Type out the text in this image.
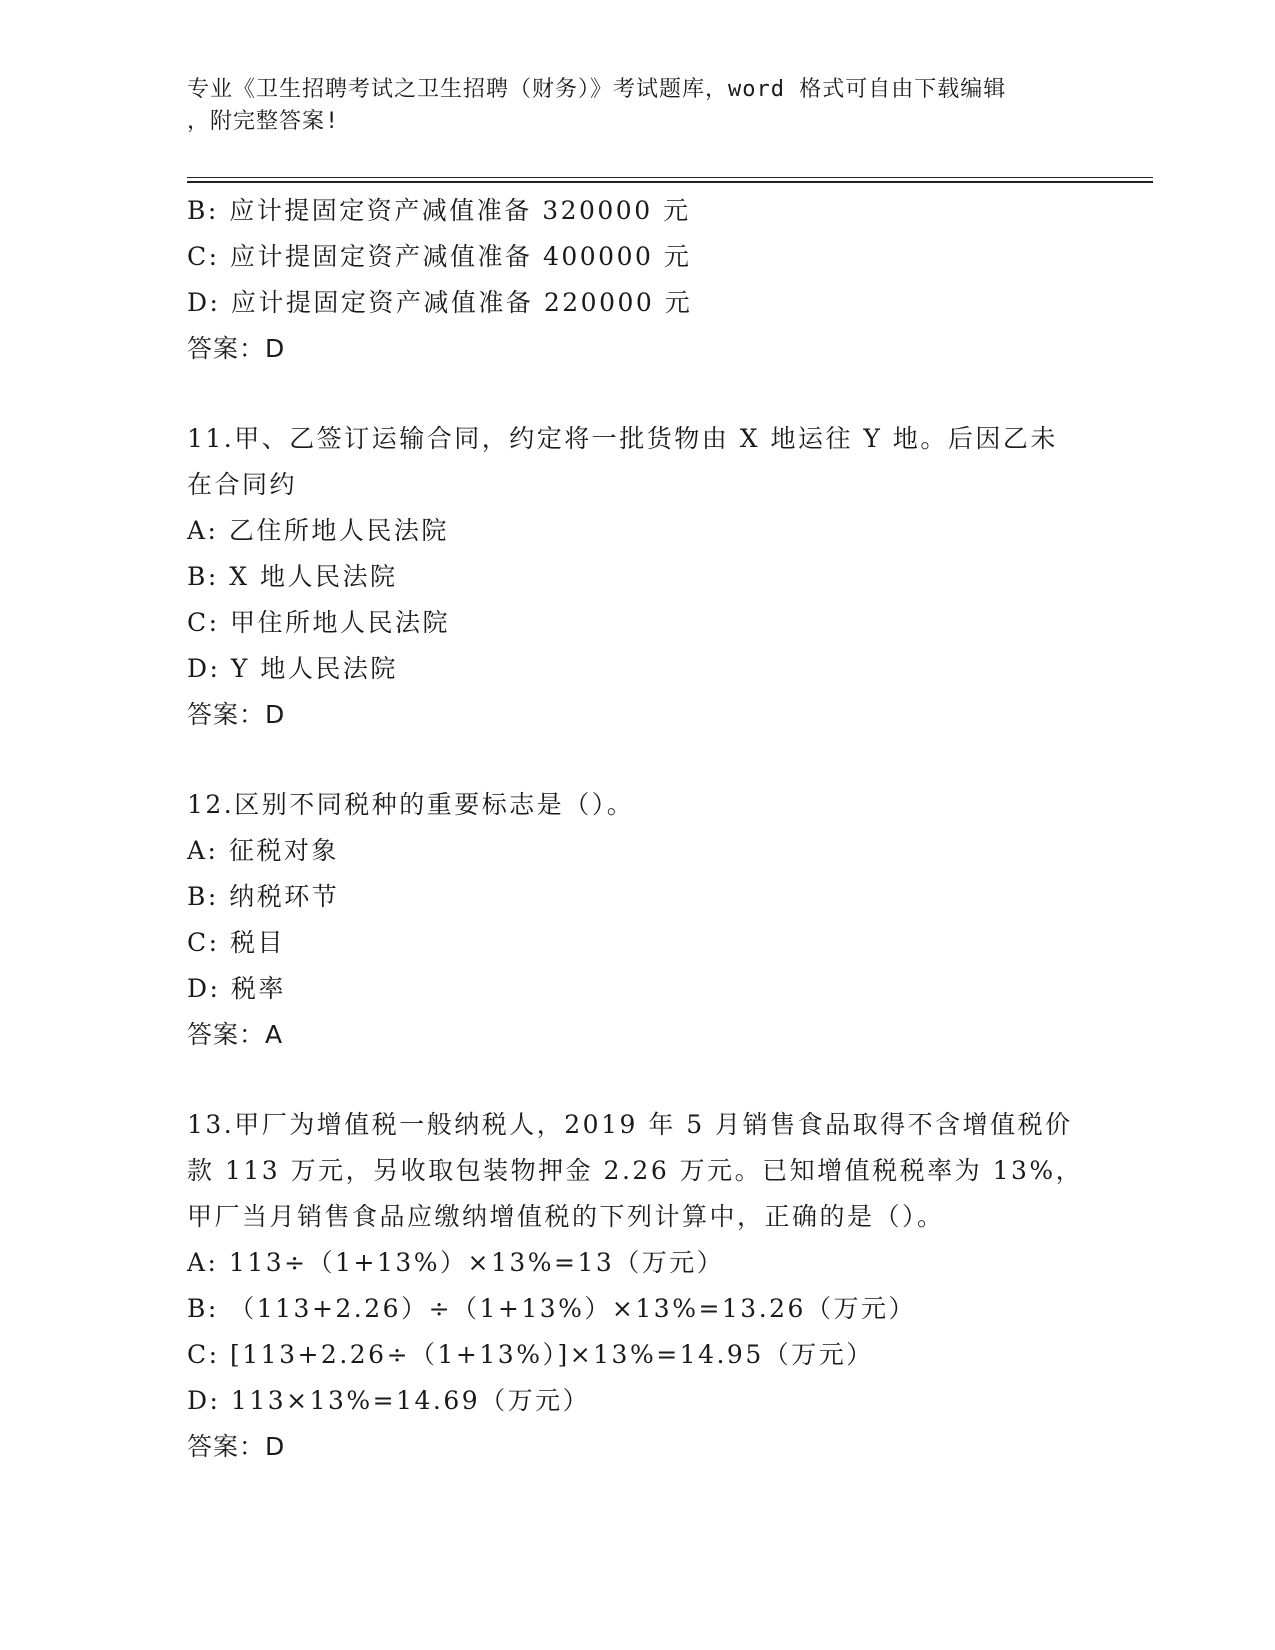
专业《卫生招聘考试之卫生招聘（财务）》考试题库，word 格式可自由下载编辑
，附完整答案!
B: 应计提固定资产减值准备 320000 元
C: 应计提固定资产减值准备 400000 元
D: 应计提固定资产减值准备 220000 元
答案：D
11.甲、乙签订运输合同，约定将一批货物由 X 地运往 Y 地。后因乙未
在合同约
A: 乙住所地人民法院
B: X 地人民法院
C: 甲住所地人民法院
D: Y 地人民法院
答案：D
12.区别不同税种的重要标志是（）。
A: 征税对象
B: 纳税环节
C: 税目
D: 税率
答案：A
13.甲厂为增值税一般纳税人，2019 年 5 月销售食品取得不含增值税价
款 113 万元，另收取包装物押金 2.26 万元。已知增值税税率为 13%，
甲厂当月销售食品应缴纳增值税的下列计算中，正确的是（）。
A: 113÷（1+13%）×13%=13（万元）
B: （113+2.26）÷（1+13%）×13%=13.26（万元）
C: [113+2.26÷（1+13%）]×13%=14.95（万元）
D: 113×13%=14.69（万元）
答案：D
